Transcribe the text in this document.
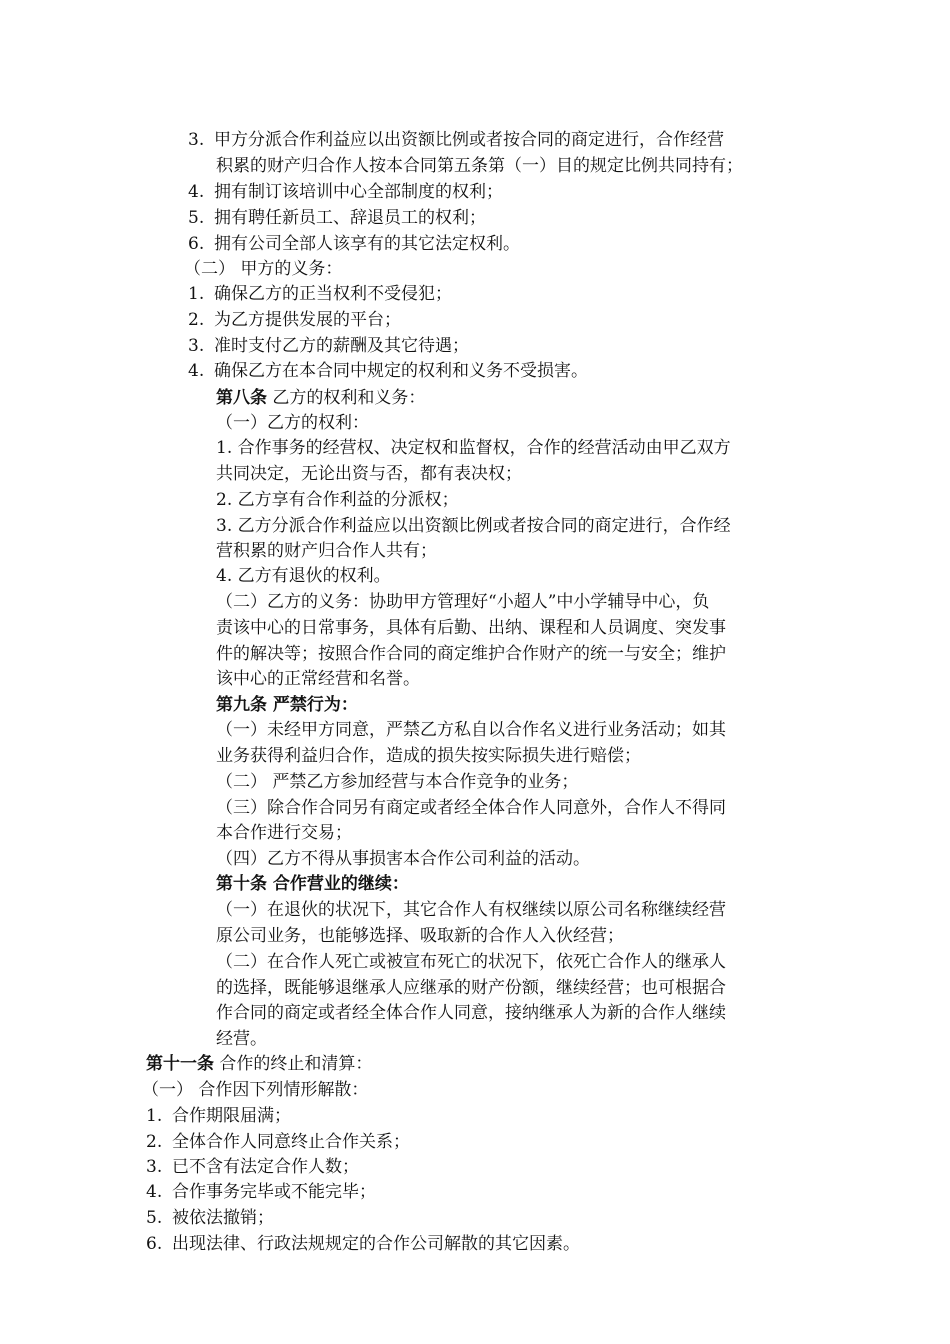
3. 甲方分派合作利益应以出资额比例或者按合同的商定进行，合作经营
积累的财产归合作人按本合同第五条第（一）目的规定比例共同持有；
4. 拥有制订该培训中心全部制度的权利；
5. 拥有聘任新员工、辞退员工的权利；
6. 拥有公司全部人该享有的其它法定权利。
（二） 甲方的义务：
1. 确保乙方的正当权利不受侵犯；
2. 为乙方提供发展的平台；
3. 准时支付乙方的薪酬及其它待遇；
4. 确保乙方在本合同中规定的权利和义务不受损害。
第八条 乙方的权利和义务：
（一）乙方的权利：
1. 合作事务的经营权、决定权和监督权，合作的经营活动由甲乙双方
共同决定，无论出资与否，都有表决权；
2. 乙方享有合作利益的分派权；
3. 乙方分派合作利益应以出资额比例或者按合同的商定进行，合作经
营积累的财产归合作人共有；
4. 乙方有退伙的权利。
（二）乙方的义务：协助甲方管理好“小超人”中小学辅导中心，负
责该中心的日常事务，具体有后勤、出纳、课程和人员调度、突发事
件的解决等；按照合作合同的商定维护合作财产的统一与安全；维护
该中心的正常经营和名誉。
第九条 严禁行为：
（一）未经甲方同意，严禁乙方私自以合作名义进行业务活动；如其
业务获得利益归合作，造成的损失按实际损失进行赔偿；
（二） 严禁乙方参加经营与本合作竞争的业务；
（三）除合作合同另有商定或者经全体合作人同意外，合作人不得同
本合作进行交易；
（四）乙方不得从事损害本合作公司利益的活动。
第十条 合作营业的继续：
（一）在退伙的状况下，其它合作人有权继续以原公司名称继续经营
原公司业务，也能够选择、吸取新的合作人入伙经营；
（二）在合作人死亡或被宣布死亡的状况下，依死亡合作人的继承人
的选择，既能够退继承人应继承的财产份额，继续经营；也可根据合
作合同的商定或者经全体合作人同意，接纳继承人为新的合作人继续
经营。
第十一条 合作的终止和清算：
（一） 合作因下列情形解散：
1. 合作期限届满；
2. 全体合作人同意终止合作关系；
3. 已不含有法定合作人数；
4. 合作事务完毕或不能完毕；
5. 被依法撤销；
6. 出现法律、行政法规规定的合作公司解散的其它因素。
